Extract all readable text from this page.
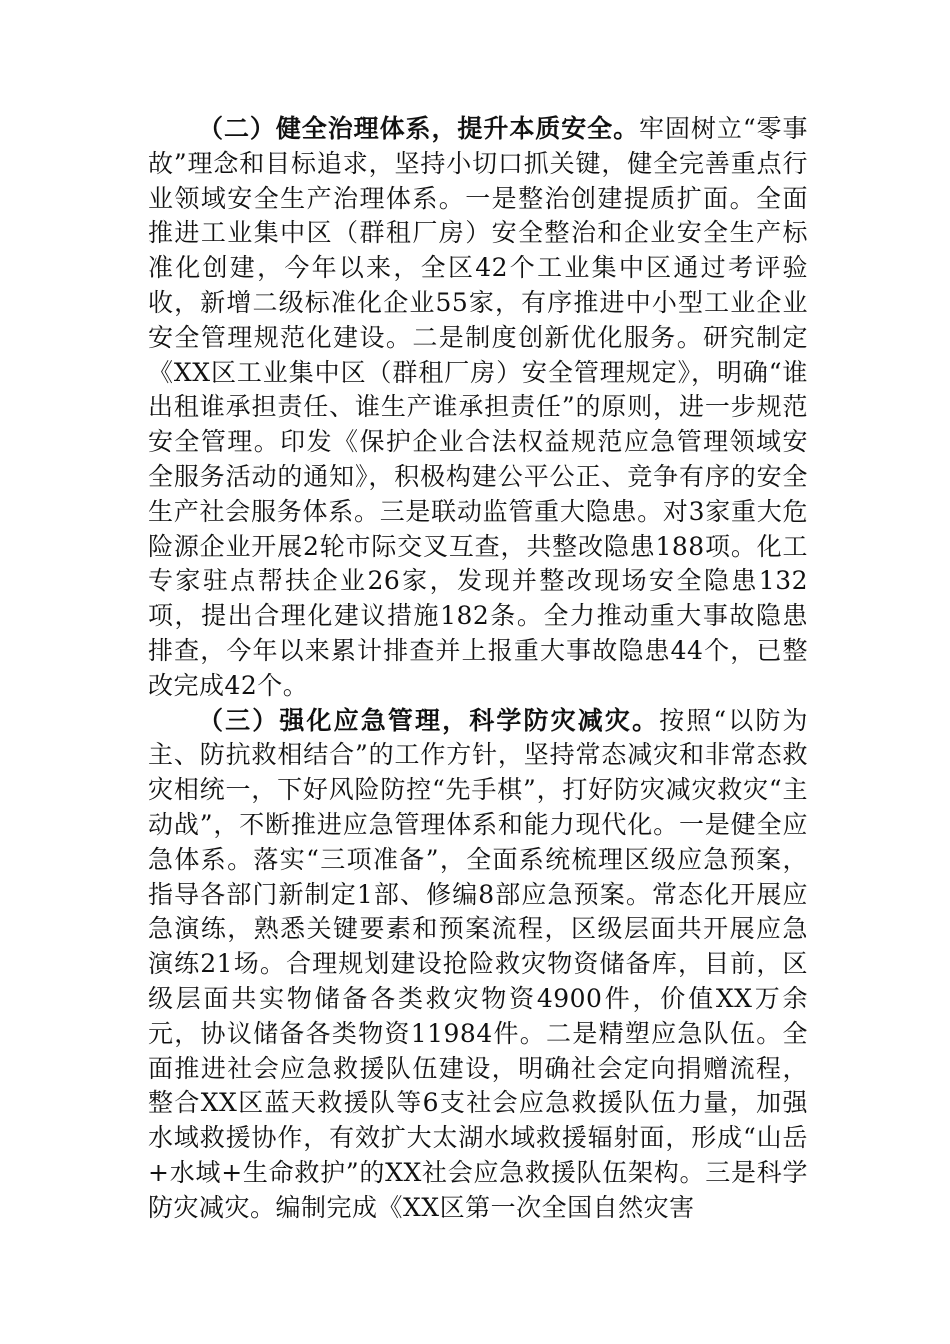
（二）健全治理体系，提升本质安全。牢固树立“零事故”理念和目标追求，坚持小切口抓关键，健全完善重点行业领域安全生产治理体系。一是整治创建提质扩面。全面推进工业集中区（群租厂房）安全整治和企业安全生产标准化创建，今年以来，全区42个工业集中区通过考评验收，新增二级标准化企业55家，有序推进中小型工业企业安全管理规范化建设。二是制度创新优化服务。研究制定《XX区工业集中区（群租厂房）安全管理规定》，明确“谁出租谁承担责任、谁生产谁承担责任”的原则，进一步规范安全管理。印发《保护企业合法权益规范应急管理领域安全服务活动的通知》，积极构建公平公正、竞争有序的安全生产社会服务体系。三是联动监管重大隐患。对3家重大危险源企业开展2轮市际交叉互查，共整改隐患188项。化工专家驻点帮扶企业26家，发现并整改现场安全隐患132项，提出合理化建议措施182条。全力推动重大事故隐患排查，今年以来累计排查并上报重大事故隐患44个，已整改完成42个。

（三）强化应急管理，科学防灾减灾。按照“以防为主、防抗救相结合”的工作方针，坚持常态减灾和非常态救灾相统一，下好风险防控“先手棋”，打好防灾减灾救灾“主动战”，不断推进应急管理体系和能力现代化。一是健全应急体系。落实“三项准备”，全面系统梳理区级应急预案，指导各部门新制定1部、修编8部应急预案。常态化开展应急演练，熟悉关键要素和预案流程，区级层面共开展应急演练21场。合理规划建设抢险救灾物资储备库，目前，区级层面共实物储备各类救灾物资4900件，价值XX万余元，协议储备各类物资11984件。二是精塑应急队伍。全面推进社会应急救援队伍建设，明确社会定向捐赠流程，整合XX区蓝天救援队等6支社会应急救援队伍力量，加强水域救援协作，有效扩大太湖水域救援辐射面，形成“山岳+水域+生命救护”的XX社会应急救援队伍架构。三是科学防灾减灾。编制完成《XX区第一次全国自然灾害
